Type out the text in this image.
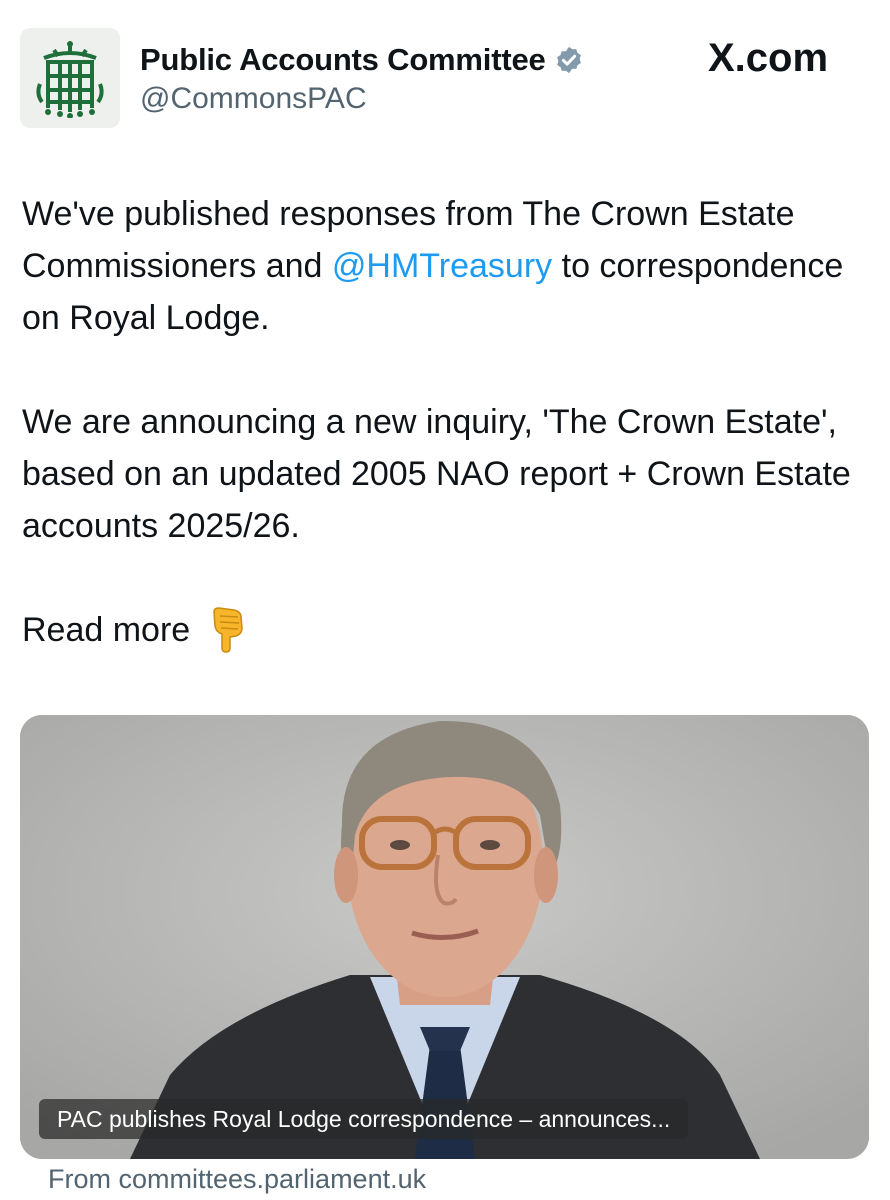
Public Accounts Committee
@CommonsPAC
X.com

We've published responses from The Crown Estate Commissioners and @HMTreasury to correspondence on Royal Lodge.

We are announcing a new inquiry, 'The Crown Estate', based on an updated 2005 NAO report + Crown Estate accounts 2025/26.

Read more

PAC publishes Royal Lodge correspondence – announces...
From committees.parliament.uk
